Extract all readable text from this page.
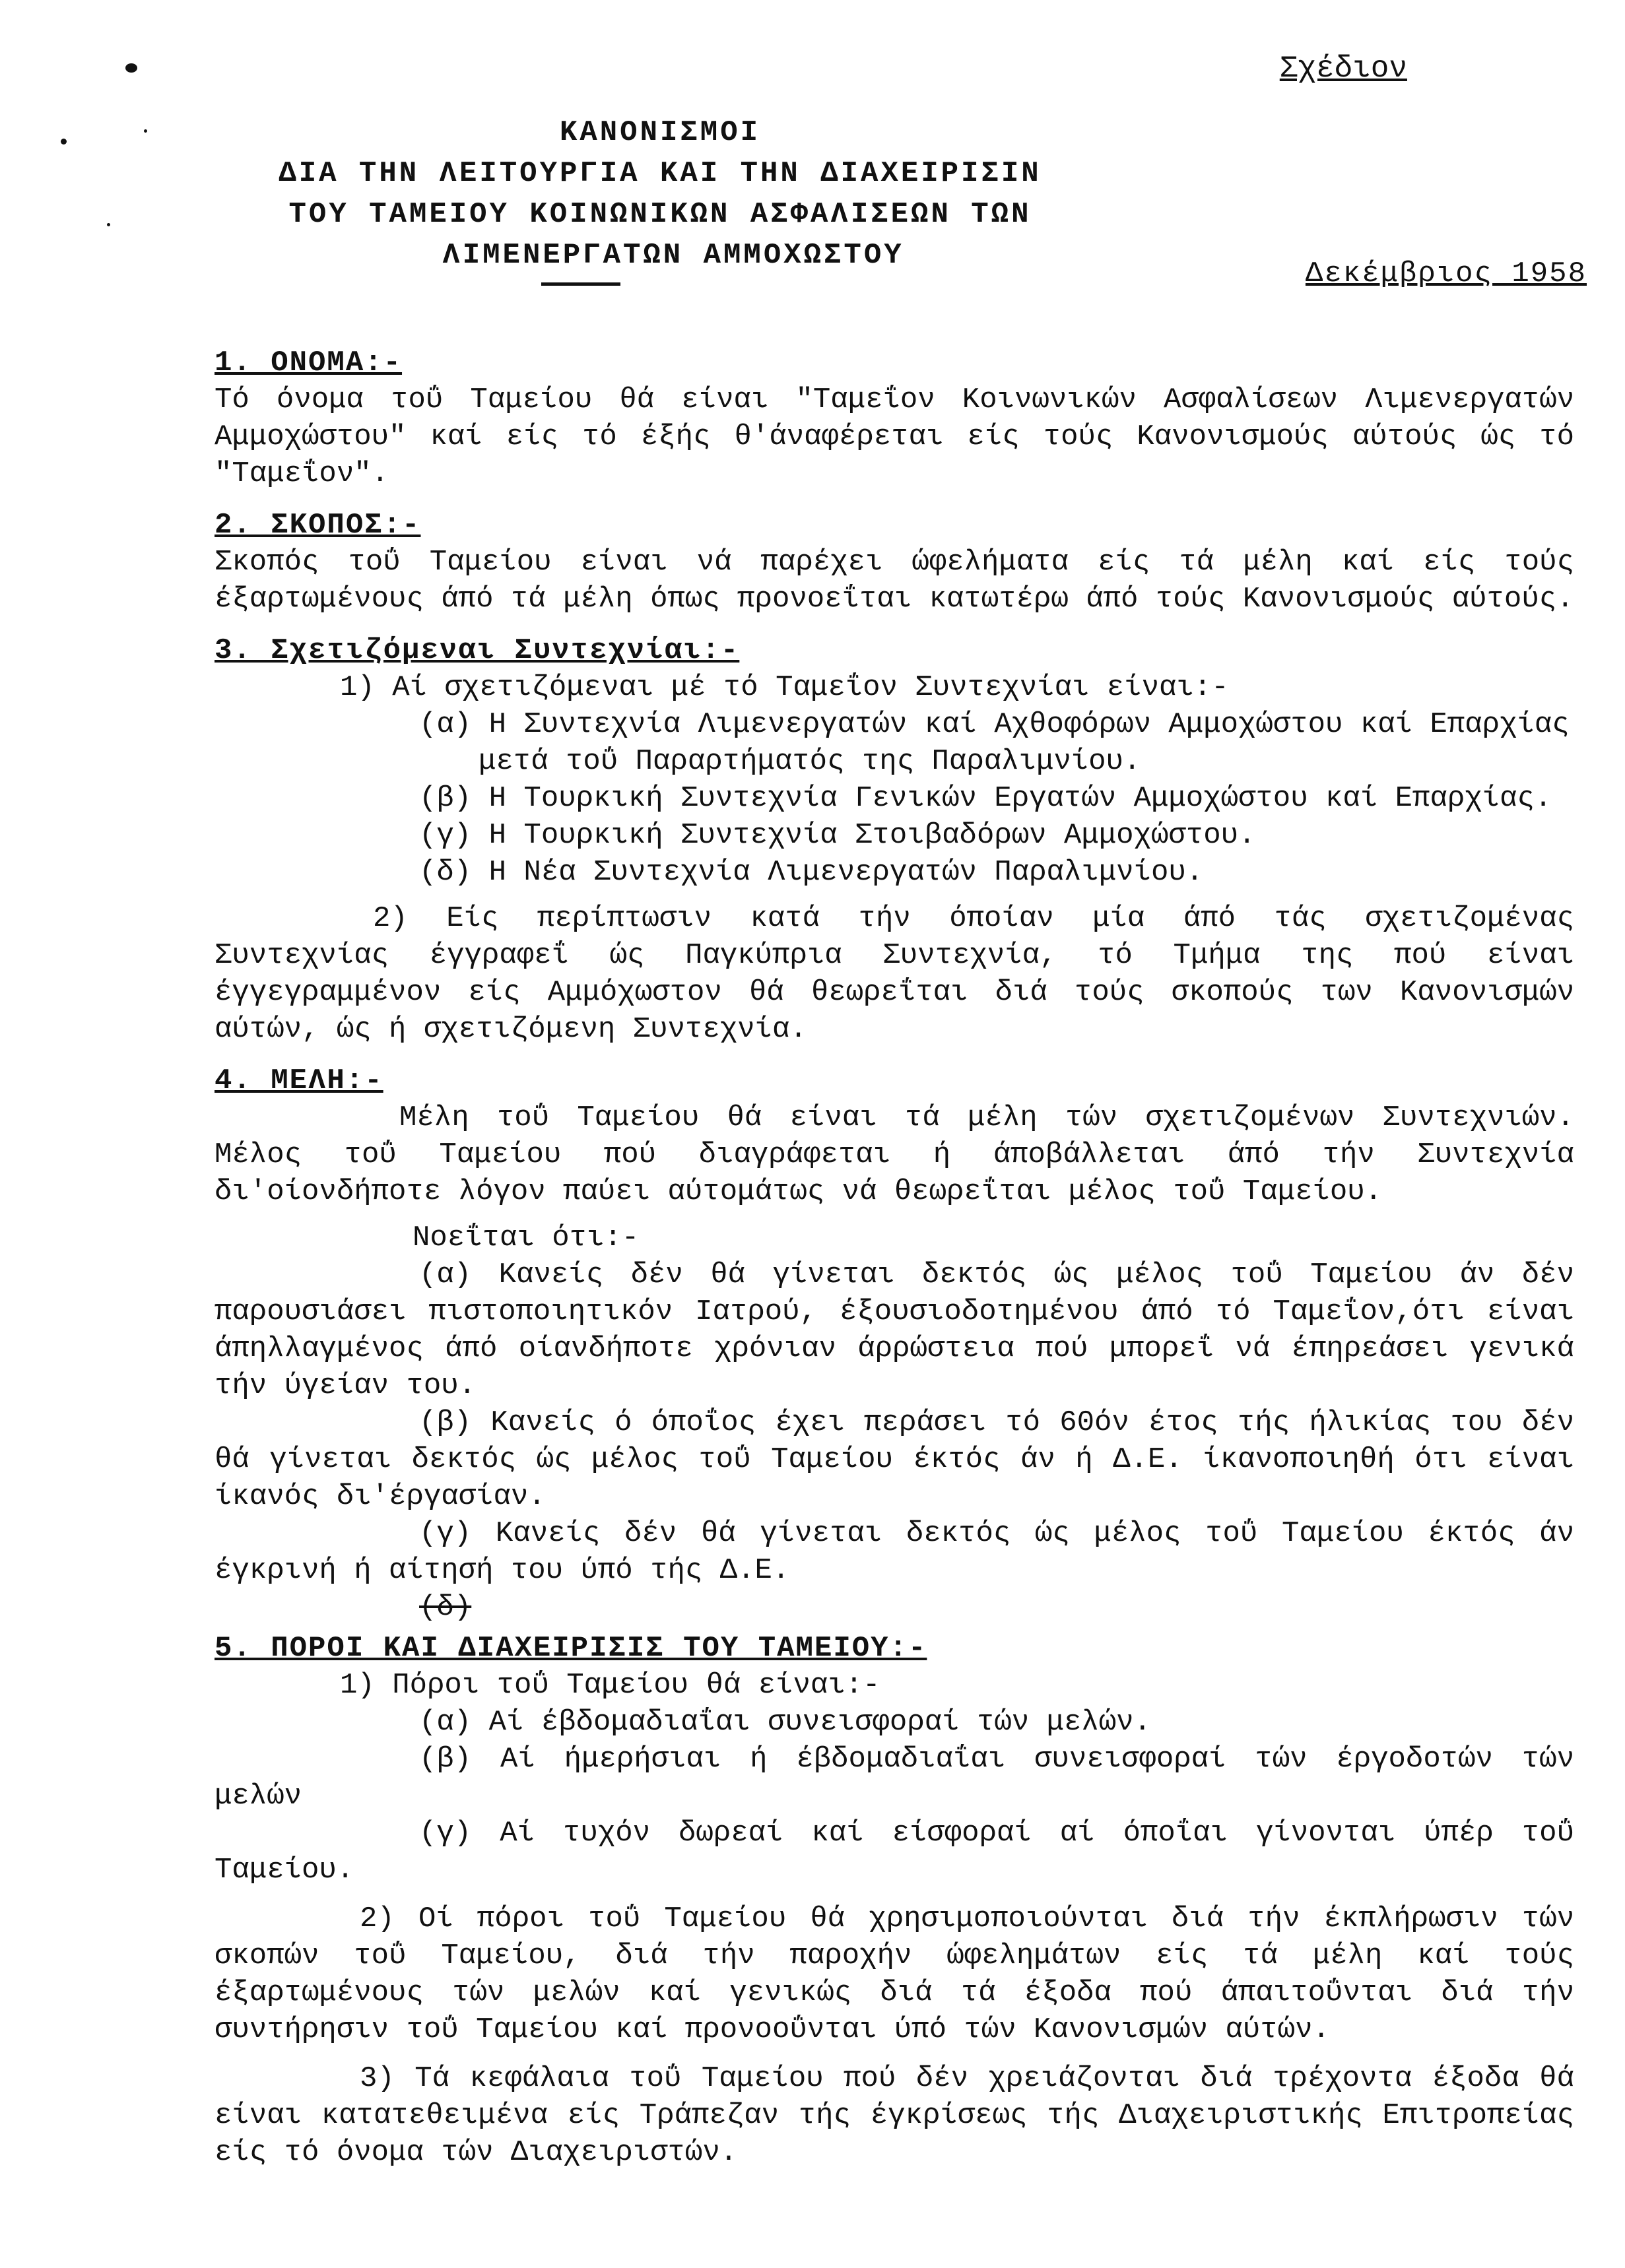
Σχέδιον
ΚΑΝΟΝΙΣΜΟΙ
ΔΙΑ ΤΗΝ ΛΕΙΤΟΥΡΓΙΑ ΚΑΙ ΤΗΝ ΔΙΑΧΕΙΡΙΣΙΝ
ΤΟΥ ΤΑΜΕΙΟΥ ΚΟΙΝΩΝΙΚΩΝ ΑΣΦΑΛΙΣΕΩΝ ΤΩΝ
ΛΙΜΕΝΕΡΓΑΤΩΝ ΑΜΜΟΧΩΣΤΟΥ
Δεκέμβριος 1958

1. ΟΝΟΜΑ:-

Τό όνομα τοΰ Ταμείου θά είναι "Ταμεΐον Κοινωνικών Ασφαλίσεων Λιμενεργατών Αμμοχώστου" καί είς τό έξής θ'άναφέρεται είς τούς Κανονισμούς αύτούς ώς τό "Ταμεΐον".

2. ΣΚΟΠΟΣ:-

Σκοπός τοΰ Ταμείου είναι νά παρέχει ώφελήματα είς τά μέλη καί είς τούς έξαρτωμένους άπό τά μέλη όπως προνοεΐται κατωτέρω άπό τούς Κανονισμούς αύτούς.

3. Σχετιζόμεναι Συντεχνίαι:-

1) Αί σχετιζόμεναι μέ τό Ταμεΐον Συντεχνίαι είναι:-

(α) Η Συντεχνία Λιμενεργατών καί Αχθοφόρων Αμμοχώστου καί Επαρχίας μετά τοΰ Παραρτήματός της Παραλιμνίου.

(β) Η Τουρκική Συντεχνία Γενικών Εργατών Αμμοχώστου καί Επαρχίας.

(γ) Η Τουρκική Συντεχνία Στοιβαδόρων Αμμοχώστου.

(δ) Η Νέα Συντεχνία Λιμενεργατών Παραλιμνίου.

2) Είς περίπτωσιν κατά τήν όποίαν μία άπό τάς σχετιζομένας Συντεχνίας έγγραφεΐ ώς Παγκύπρια Συντεχνία, τό Τμήμα της πού είναι έγγεγραμμένον είς Αμμόχωστον θά θεωρεΐται διά τούς σκοπούς των Κανονισμών αύτών, ώς ή σχετιζόμενη Συντεχνία.

4. ΜΕΛΗ:-

Μέλη τοΰ Ταμείου θά είναι τά μέλη τών σχετιζομένων Συντεχνιών. Μέλος τοΰ Ταμείου πού διαγράφεται ή άποβάλλεται άπό τήν Συντεχνία δι'οίονδήποτε λόγον παύει αύτομάτως νά θεωρεΐται μέλος τοΰ Ταμείου.

Νοεΐται ότι:-

(α) Κανείς δέν θά γίνεται δεκτός ώς μέλος τοΰ Ταμείου άν δέν παρουσιάσει πιστοποιητικόν Ιατρού, έξουσιοδοτημένου άπό τό Ταμεΐον,ότι είναι άπηλλαγμένος άπό οίανδήποτε χρόνιαν άρρώστεια πού μπορεΐ νά έπηρεάσει γενικά τήν ύγείαν του.

(β) Κανείς ό όποΐος έχει περάσει τό 60όν έτος τής ήλικίας του δέν θά γίνεται δεκτός ώς μέλος τοΰ Ταμείου έκτός άν ή Δ.Ε. ίκανοποιηθή ότι είναι ίκανός δι'έργασίαν.

(γ) Κανείς δέν θά γίνεται δεκτός ώς μέλος τοΰ Ταμείου έκτός άν έγκρινή ή αίτησή του ύπό τής Δ.Ε.

(δ)

5. ΠΟΡΟΙ ΚΑΙ ΔΙΑΧΕΙΡΙΣΙΣ ΤΟΥ ΤΑΜΕΙΟΥ:-

1) Πόροι τοΰ Ταμείου θά είναι:-

(α) Αί έβδομαδιαΐαι συνεισφοραί τών μελών.

(β) Αί ήμερήσιαι ή έβδομαδιαΐαι συνεισφοραί τών έργοδοτών τών μελών

(γ) Αί τυχόν δωρεαί καί είσφοραί αί όποΐαι γίνονται ύπέρ τοΰ Ταμείου.

2) Οί πόροι τοΰ Ταμείου θά χρησιμοποιούνται διά τήν έκπλήρωσιν τών σκοπών τοΰ Ταμείου, διά τήν παροχήν ώφελημάτων είς τά μέλη καί τούς έξαρτωμένους τών μελών καί γενικώς διά τά έξοδα πού άπαιτοΰνται διά τήν συντήρησιν τοΰ Ταμείου καί προνοοΰνται ύπό τών Κανονισμών αύτών.

3) Τά κεφάλαια τοΰ Ταμείου πού δέν χρειάζονται διά τρέχοντα έξοδα θά είναι κατατεθειμένα είς Τράπεζαν τής έγκρίσεως τής Διαχειριστικής Επιτροπείας είς τό όνομα τών Διαχειριστών.
